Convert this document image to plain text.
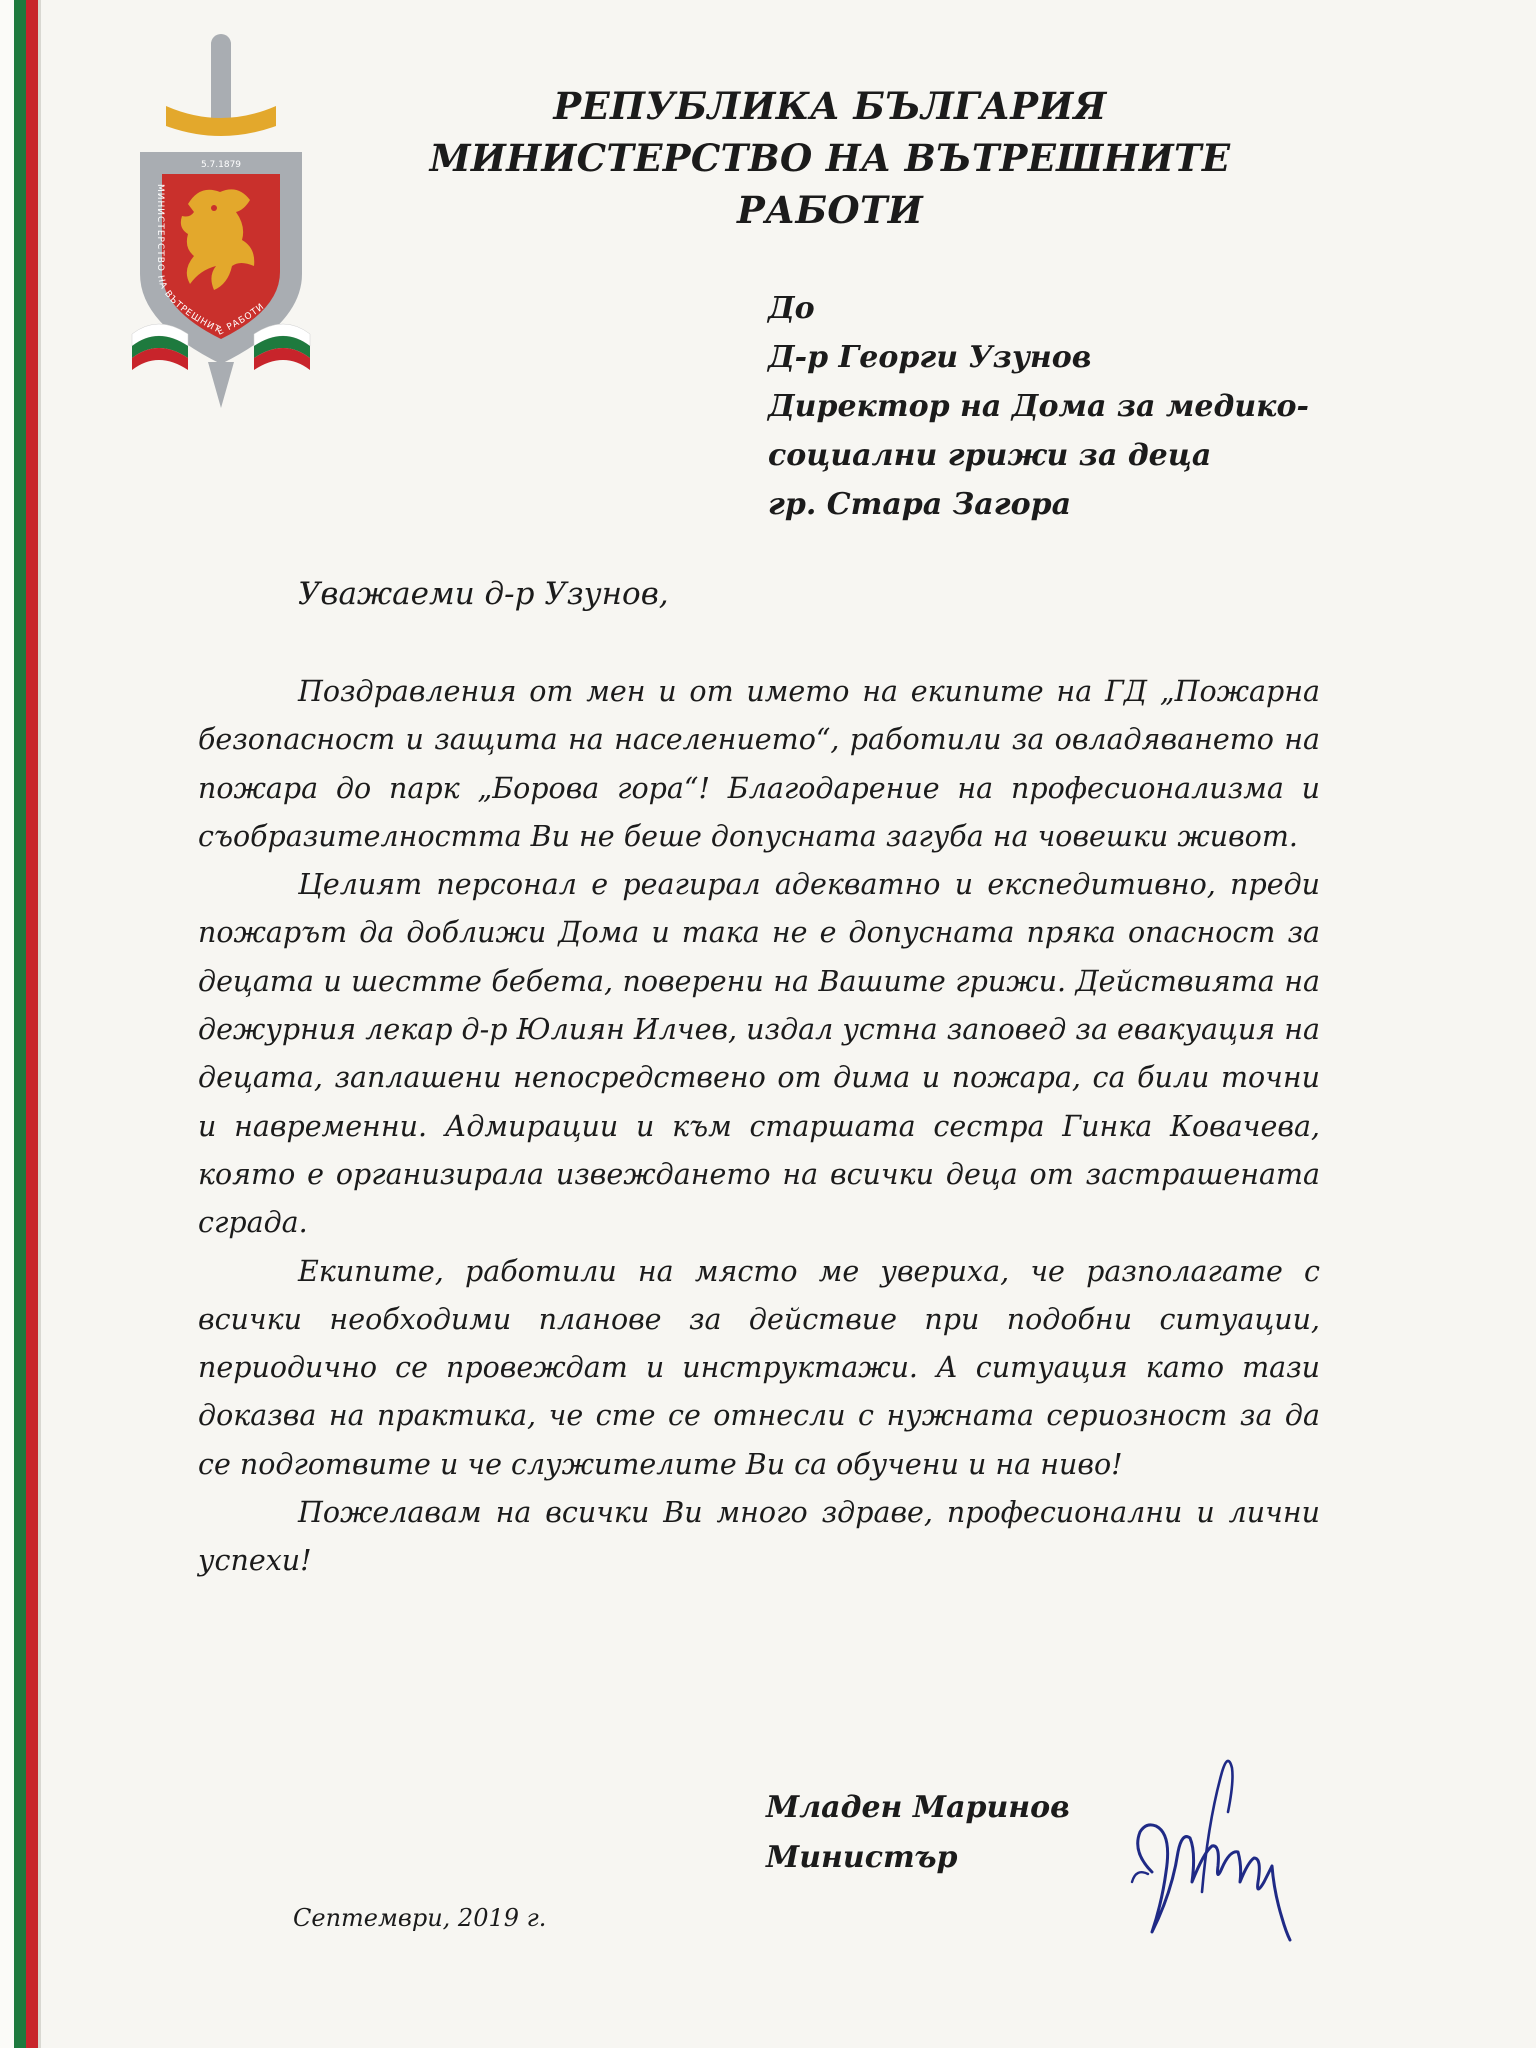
МИНИСТЕРСТВО НА ВЪТРЕШНИТЕ РАБОТИ
5.7.1879
РЕПУБЛИКА БЪЛГАРИЯ
МИНИСТЕРСТВО НА ВЪТРЕШНИТЕ РАБОТИ
До
Д-р Георги Узунов
Директор на Дома за медико-
социални грижи за деца
гр. Стара Загора
Уважаеми д-р Узунов,

Поздравления от мен и от името на екипите на ГД „Пожарна безопасност и защита на населението“, работили за овладяването на пожара до парк „Борова гора“! Благодарение на професионализма и съобразителността Ви не беше допусната загуба на човешки живот.

Целият персонал е реагирал адекватно и експедитивно, преди пожарът да доближи Дома и така не е допусната пряка опасност за децата и шестте бебета, поверени на Вашите грижи. Действията на дежурния лекар д-р Юлиян Илчев, издал устна заповед за евакуация на децата, заплашени непосредствено от дима и пожара, са били точни и навременни. Адмирации и към старшата сестра Гинка Ковачева, която е организирала извеждането на всички деца от застрашената сграда.

Екипите, работили на място ме увериха, че разполагате с всички необходими планове за действие при подобни ситуации, периодично се провеждат и инструктажи. А ситуация като тази доказва на практика, че сте се отнесли с нужната сериозност за да се подготвите и че служителите Ви са обучени и на ниво!

Пожелавам на всички Ви много здраве, професионални и лични успехи!

Младен Маринов
Министър
Септември, 2019 г.
